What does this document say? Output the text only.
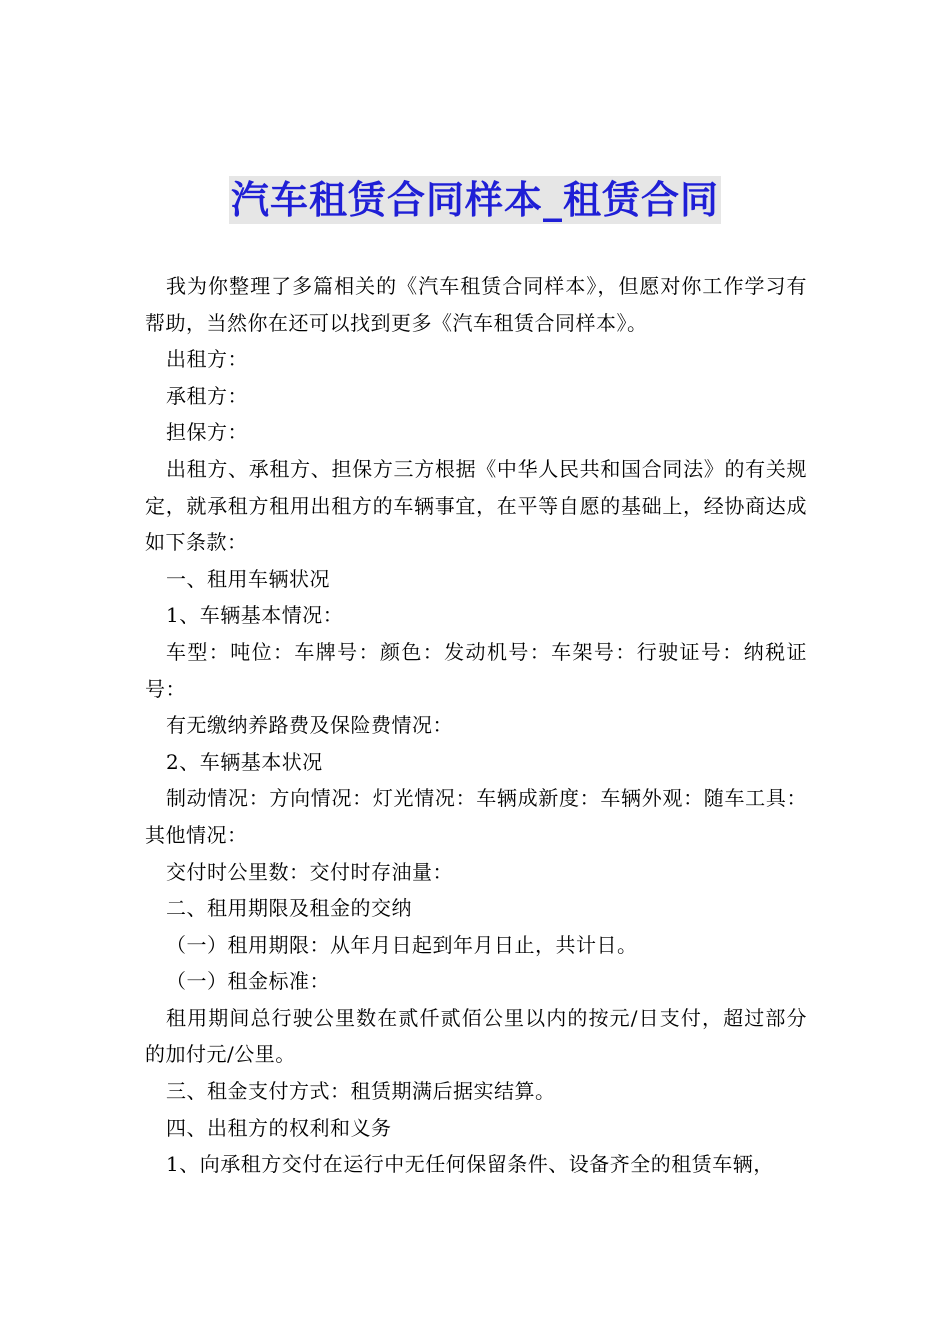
汽车租赁合同样本_租赁合同

我为你整理了多篇相关的《汽车租赁合同样本》，但愿对你工作学习有帮助，当然你在还可以找到更多《汽车租赁合同样本》。

出租方：

承租方：

担保方：

出租方、承租方、担保方三方根据《中华人民共和国合同法》的有关规定，就承租方租用出租方的车辆事宜，在平等自愿的基础上，经协商达成如下条款：

一、租用车辆状况

1、车辆基本情况：

车型：吨位：车牌号：颜色：发动机号：车架号：行驶证号：纳税证号：

有无缴纳养路费及保险费情况：

2、车辆基本状况

制动情况：方向情况：灯光情况：车辆成新度：车辆外观：随车工具：其他情况：

交付时公里数：交付时存油量：

二、租用期限及租金的交纳

（一）租用期限：从年月日起到年月日止，共计日。

（一）租金标准：

租用期间总行驶公里数在贰仟贰佰公里以内的按元/日支付，超过部分的加付元/公里。

三、租金支付方式：租赁期满后据实结算。

四、出租方的权利和义务

1、向承租方交付在运行中无任何保留条件、设备齐全的租赁车辆，
